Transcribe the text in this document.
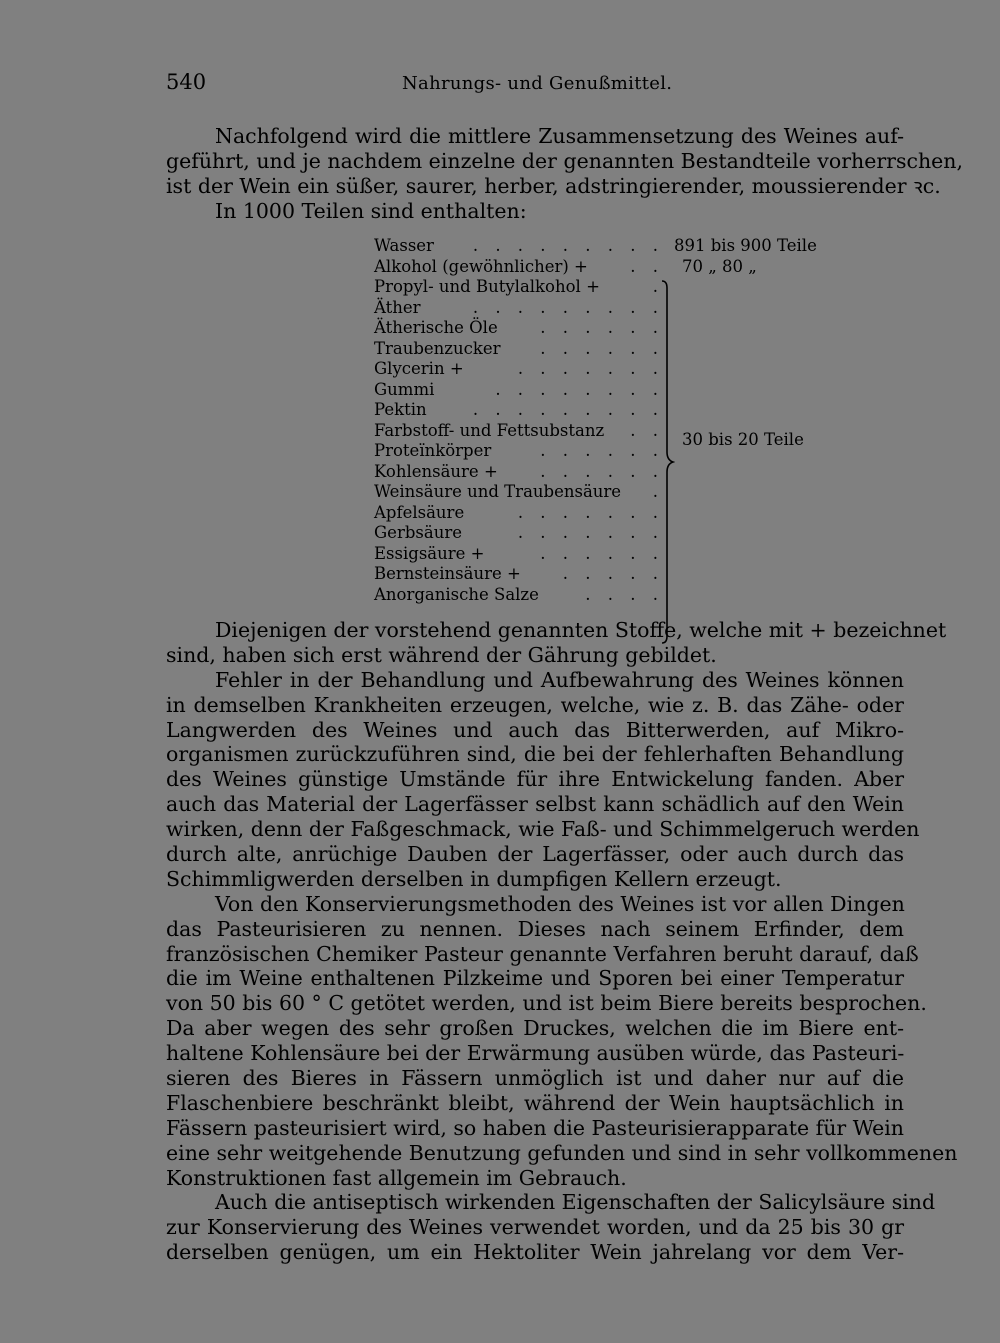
540	Nahrungs- und Genußmittel.
Nachfolgend wird die mittlere Zusammensetzung des Weines auf-
geführt, und je nachdem einzelne der genannten Bestandteile vorherrschen,
ist der Wein ein süßer, saurer, herber, adstringierender, moussierender ꝛc.
In 1000 Teilen sind enthalten:
. . . . . . . . .
Wasser
. .
Alkohol (gewöhnlicher) +
.
Propyl- und Butylalkohol +
. . . . . . . . .
Äther
. . . . . .
Ätherische Öle
. . . . . .
Traubenzucker
. . . . . . .
Glycerin +
. . . . . . . .
Gummi
. . . . . . . . .
Pektin
. .
Farbstoff- und Fettsubstanz
. . . . . .
Proteïnkörper
. . . . . .
Kohlensäure +
.
Weinsäure und Traubensäure
. . . . . . .
Apfelsäure
. . . . . . .
Gerbsäure
. . . . . .
Essigsäure +
. . . . .
Bernsteinsäure +
. . . .
Anorganische Salze
891 bis 900 Teile
70 „ 80 „
30 bis 20 Teile
Diejenigen der vorstehend genannten Stoffe, welche mit + bezeichnet
sind, haben sich erst während der Gährung gebildet.
Fehler in der Behandlung und Aufbewahrung des Weines können
in demselben Krankheiten erzeugen, welche, wie z. B. das Zähe- oder
Langwerden des Weines und auch das Bitterwerden, auf Mikro-
organismen zurückzuführen sind, die bei der fehlerhaften Behandlung
des Weines günstige Umstände für ihre Entwickelung fanden. Aber
auch das Material der Lagerfässer selbst kann schädlich auf den Wein
wirken, denn der Faßgeschmack, wie Faß- und Schimmelgeruch werden
durch alte, anrüchige Dauben der Lagerfässer, oder auch durch das
Schimmligwerden derselben in dumpfigen Kellern erzeugt.
Von den Konservierungsmethoden des Weines ist vor allen Dingen
das Pasteurisieren zu nennen. Dieses nach seinem Erfinder, dem
französischen Chemiker Pasteur genannte Verfahren beruht darauf, daß
die im Weine enthaltenen Pilzkeime und Sporen bei einer Temperatur
von 50 bis 60 ° C getötet werden, und ist beim Biere bereits besprochen.
Da aber wegen des sehr großen Druckes, welchen die im Biere ent-
haltene Kohlensäure bei der Erwärmung ausüben würde, das Pasteuri-
sieren des Bieres in Fässern unmöglich ist und daher nur auf die
Flaschenbiere beschränkt bleibt, während der Wein hauptsächlich in
Fässern pasteurisiert wird, so haben die Pasteurisierapparate für Wein
eine sehr weitgehende Benutzung gefunden und sind in sehr vollkommenen
Konstruktionen fast allgemein im Gebrauch.
Auch die antiseptisch wirkenden Eigenschaften der Salicylsäure sind
zur Konservierung des Weines verwendet worden, und da 25 bis 30 gr
derselben genügen, um ein Hektoliter Wein jahrelang vor dem Ver-
